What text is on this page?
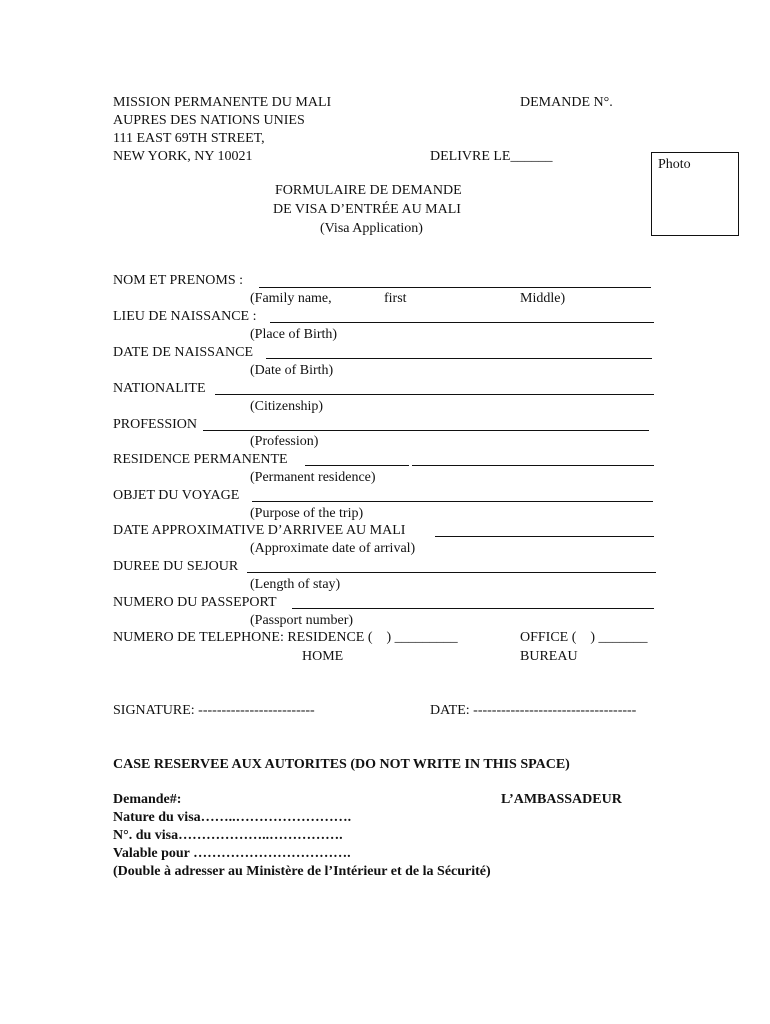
MISSION PERMANENTE DU MALI
AUPRES DES NATIONS UNIES
111 EAST 69TH STREET,
NEW YORK, NY 10021
DEMANDE N°.
DELIVRE LE______
Photo
FORMULAIRE DE DEMANDE
DE VISA D’ENTRÉE AU MALI
(Visa Application)
NOM ET PRENOMS :
(Family name,	first	Middle)
LIEU DE NAISSANCE :
(Place of Birth)
DATE DE NAISSANCE
(Date of Birth)
NATIONALITE
(Citizenship)
PROFESSION
(Profession)
RESIDENCE PERMANENTE
(Permanent residence)
OBJET DU VOYAGE
(Purpose of the trip)
DATE APPROXIMATIVE D’ARRIVEE AU MALI
(Approximate date of arrival)
DUREE DU SEJOUR
(Length of stay)
NUMERO DU PASSEPORT
(Passport number)
NUMERO DE TELEPHONE: RESIDENCE (    ) _________
HOME
OFFICE (    ) _______
BUREAU
SIGNATURE: -------------------------	DATE: -----------------------------------
CASE RESERVEE AUX AUTORITES (DO NOT WRITE IN THIS SPACE)
Demande#:	L’AMBASSADEUR
Nature du visa……..…………………….
N°. du visa………………..…………….
Valable pour …………………………….
(Double à adresser au Ministère de l’Intérieur et de la Sécurité)
